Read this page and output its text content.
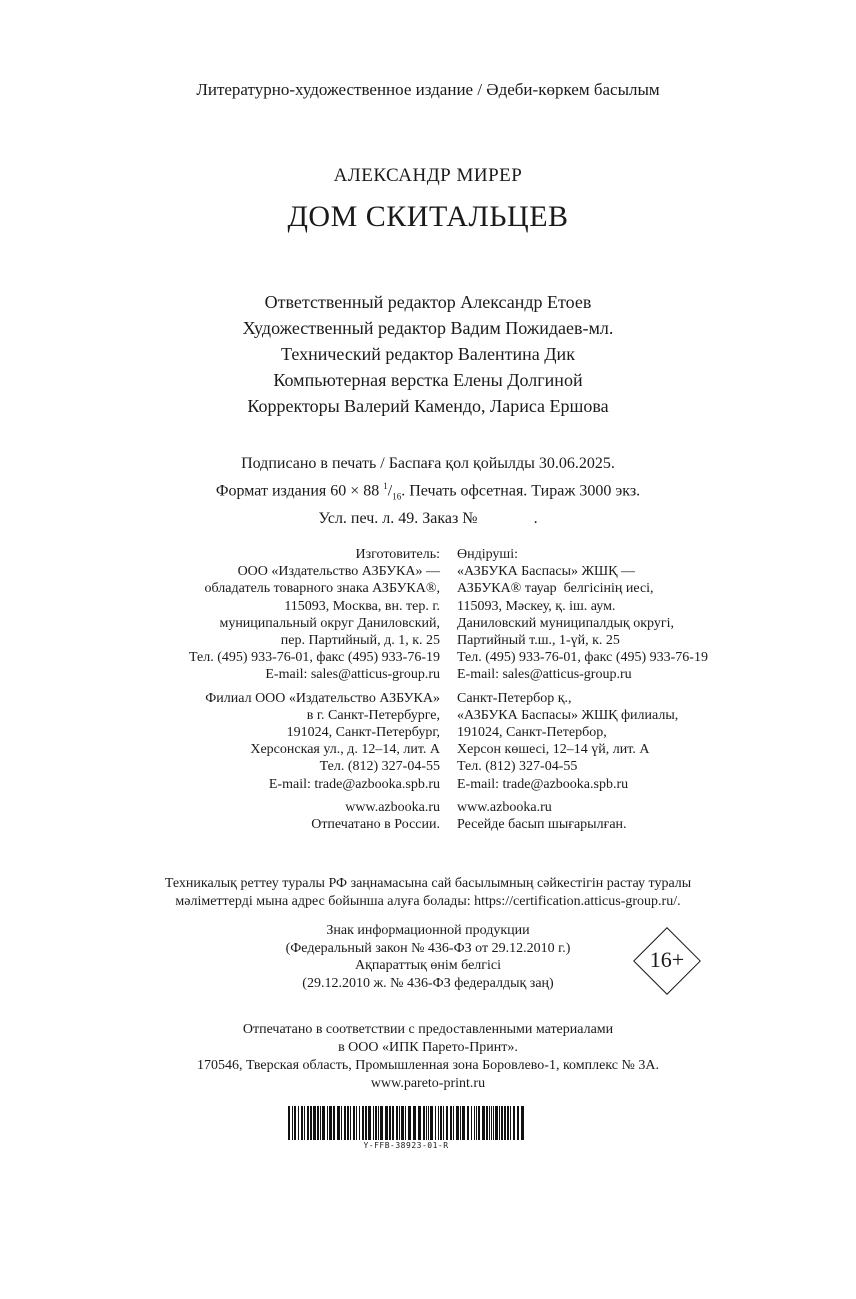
Литературно-художественное издание / Әдеби-көркем басылым
АЛЕКСАНДР МИРЕР
ДОМ СКИТАЛЬЦЕВ
Ответственный редактор Александр Етоев
Художественный редактор Вадим Пожидаев-мл.
Технический редактор Валентина Дик
Компьютерная верстка Елены Долгиной
Корректоры Валерий Камендо, Лариса Ершова
Подписано в печать / Баспаға қол қойылды 30.06.2025.
Формат издания 60 × 88 $^1/_{16}$. Печать офсетная. Тираж 3000 экз.
Усл. печ. л. 49. Заказ №              .
Изготовитель:
ООО «Издательство АЗБУКА» —
обладатель товарного знака АЗБУКА®,
115093, Москва, вн. тер. г.
муниципальный округ Даниловский,
пер. Партийный, д. 1, к. 25
Тел. (495) 933-76-01, факс (495) 933-76-19
E-mail: sales@atticus-group.ru
Филиал ООО «Издательство АЗБУКА»
в г. Санкт-Петербурге,
191024, Санкт-Петербург,
Херсонская ул., д. 12–14, лит. А
Тел. (812) 327-04-55
E-mail: trade@azbooka.spb.ru
www.azbooka.ru
Отпечатано в России.
Өндіруші:
«АЗБУКА Баспасы» ЖШҚ —
АЗБУКА® тауар  белгісінің иесі,
115093, Мәскеу, қ. іш. аум.
Даниловский муниципалдық округі,
Партийный т.ш., 1-үй, к. 25
Тел. (495) 933-76-01, факс (495) 933-76-19
E-mail: sales@atticus-group.ru
Санкт-Петербор қ.,
«АЗБУКА Баспасы» ЖШҚ филиалы,
191024, Санкт-Петербор,
Херсон көшесі, 12–14 үй, лит. А
Тел. (812) 327-04-55
E-mail: trade@azbooka.spb.ru
www.azbooka.ru
Ресейде басып шығарылған.
Техникалық реттеу туралы РФ заңнамасына сай басылымның сәйкестігін растау туралы
мәліметтерді мына адрес бойынша алуға болады: https://certification.atticus-group.ru/.
Знак информационной продукции
(Федеральный закон № 436-ФЗ от 29.12.2010 г.)
Ақпараттық өнім белгісі
(29.12.2010 ж. № 436-ФЗ федералдық заң)
16+
Отпечатано в соответствии с предоставленными материалами
в ООО «ИПК Парето-Принт».
170546, Тверская область, Промышленная зона Боровлево-1, комплекс № 3А.
www.pareto-print.ru
Y-FFB-38923-01-R
